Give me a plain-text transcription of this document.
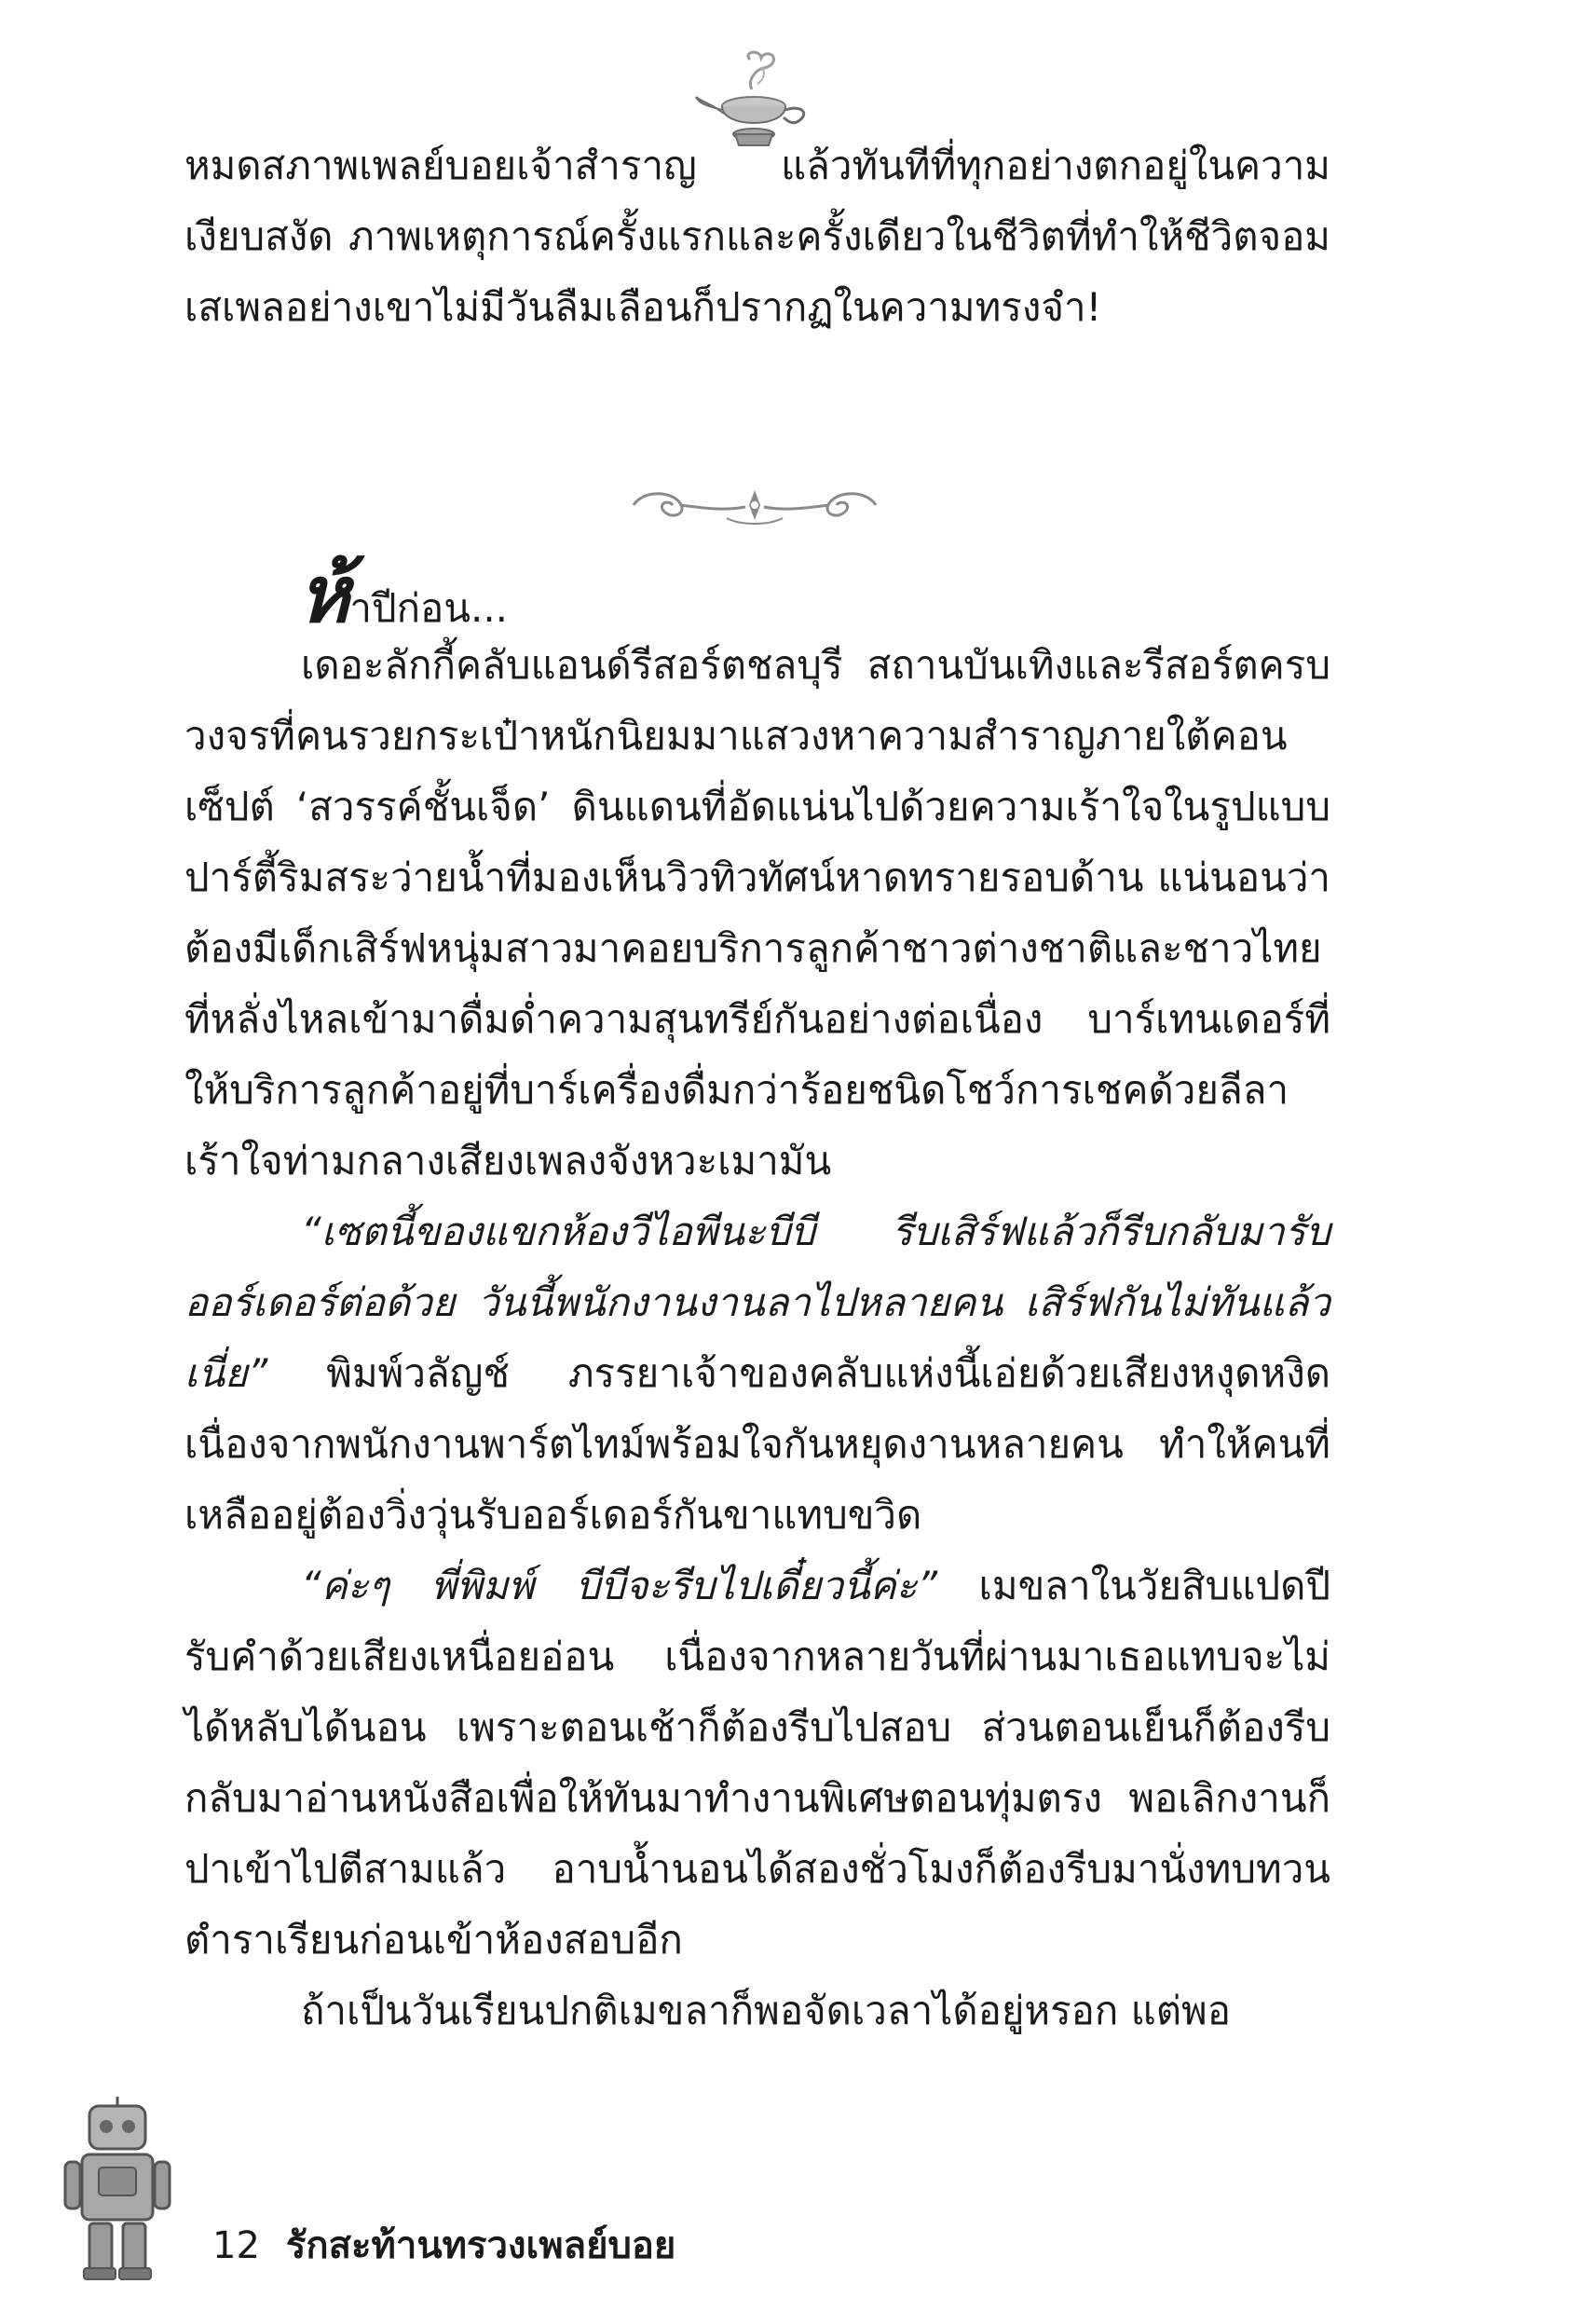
หมดสภาพเพลย์บอยเจ้าสำราญ แล้วทันทีที่ทุกอย่างตกอยู่ในความเงียบสงัด ภาพเหตุการณ์ครั้งแรกและครั้งเดียวในชีวิตที่ทำให้ชีวิตจอมเสเพลอย่างเขาไม่มีวันลืมเลือนก็ปรากฏในความทรงจำ!

ห้าปีก่อน...

เดอะลักกี้คลับแอนด์รีสอร์ตชลบุรี สถานบันเทิงและรีสอร์ตครบวงจรที่คนรวยกระเป๋าหนักนิยมมาแสวงหาความสำราญภายใต้คอนเซ็ปต์ ‘สวรรค์ชั้นเจ็ด’ ดินแดนที่อัดแน่นไปด้วยความเร้าใจในรูปแบบปาร์ตี้ริมสระว่ายน้ำที่มองเห็นวิวทิวทัศน์หาดทรายรอบด้าน แน่นอนว่าต้องมีเด็กเสิร์ฟหนุ่มสาวมาคอยบริการลูกค้าชาวต่างชาติและชาวไทยที่หลั่งไหลเข้ามาดื่มด่ำความสุนทรีย์กันอย่างต่อเนื่อง บาร์เทนเดอร์ที่ให้บริการลูกค้าอยู่ที่บาร์เครื่องดื่มกว่าร้อยชนิดโชว์การเชคด้วยลีลาเร้าใจท่ามกลางเสียงเพลงจังหวะเมามัน

“เซตนี้ของแขกห้องวีไอพีนะบีบี รีบเสิร์ฟแล้วก็รีบกลับมารับออร์เดอร์ต่อด้วย วันนี้พนักงานงานลาไปหลายคน เสิร์ฟกันไม่ทันแล้วเนี่ย” พิมพ์วลัญช์ ภรรยาเจ้าของคลับแห่งนี้เอ่ยด้วยเสียงหงุดหงิด เนื่องจากพนักงานพาร์ตไทม์พร้อมใจกันหยุดงานหลายคน ทำให้คนที่เหลืออยู่ต้องวิ่งวุ่นรับออร์เดอร์กันขาแทบขวิด

“ค่ะๆ พี่พิมพ์ บีบีจะรีบไปเดี๋ยวนี้ค่ะ” เมขลาในวัยสิบแปดปีรับคำด้วยเสียงเหนื่อยอ่อน เนื่องจากหลายวันที่ผ่านมาเธอแทบจะไม่ได้หลับได้นอน เพราะตอนเช้าก็ต้องรีบไปสอบ ส่วนตอนเย็นก็ต้องรีบกลับมาอ่านหนังสือเพื่อให้ทันมาทำงานพิเศษตอนทุ่มตรง พอเลิกงานก็ปาเข้าไปตีสามแล้ว อาบน้ำนอนได้สองชั่วโมงก็ต้องรีบมานั่งทบทวนตำราเรียนก่อนเข้าห้องสอบอีก

ถ้าเป็นวันเรียนปกติเมขลาก็พอจัดเวลาได้อยู่หรอก แต่พอ

12 รักสะท้านทรวงเพลย์บอย
